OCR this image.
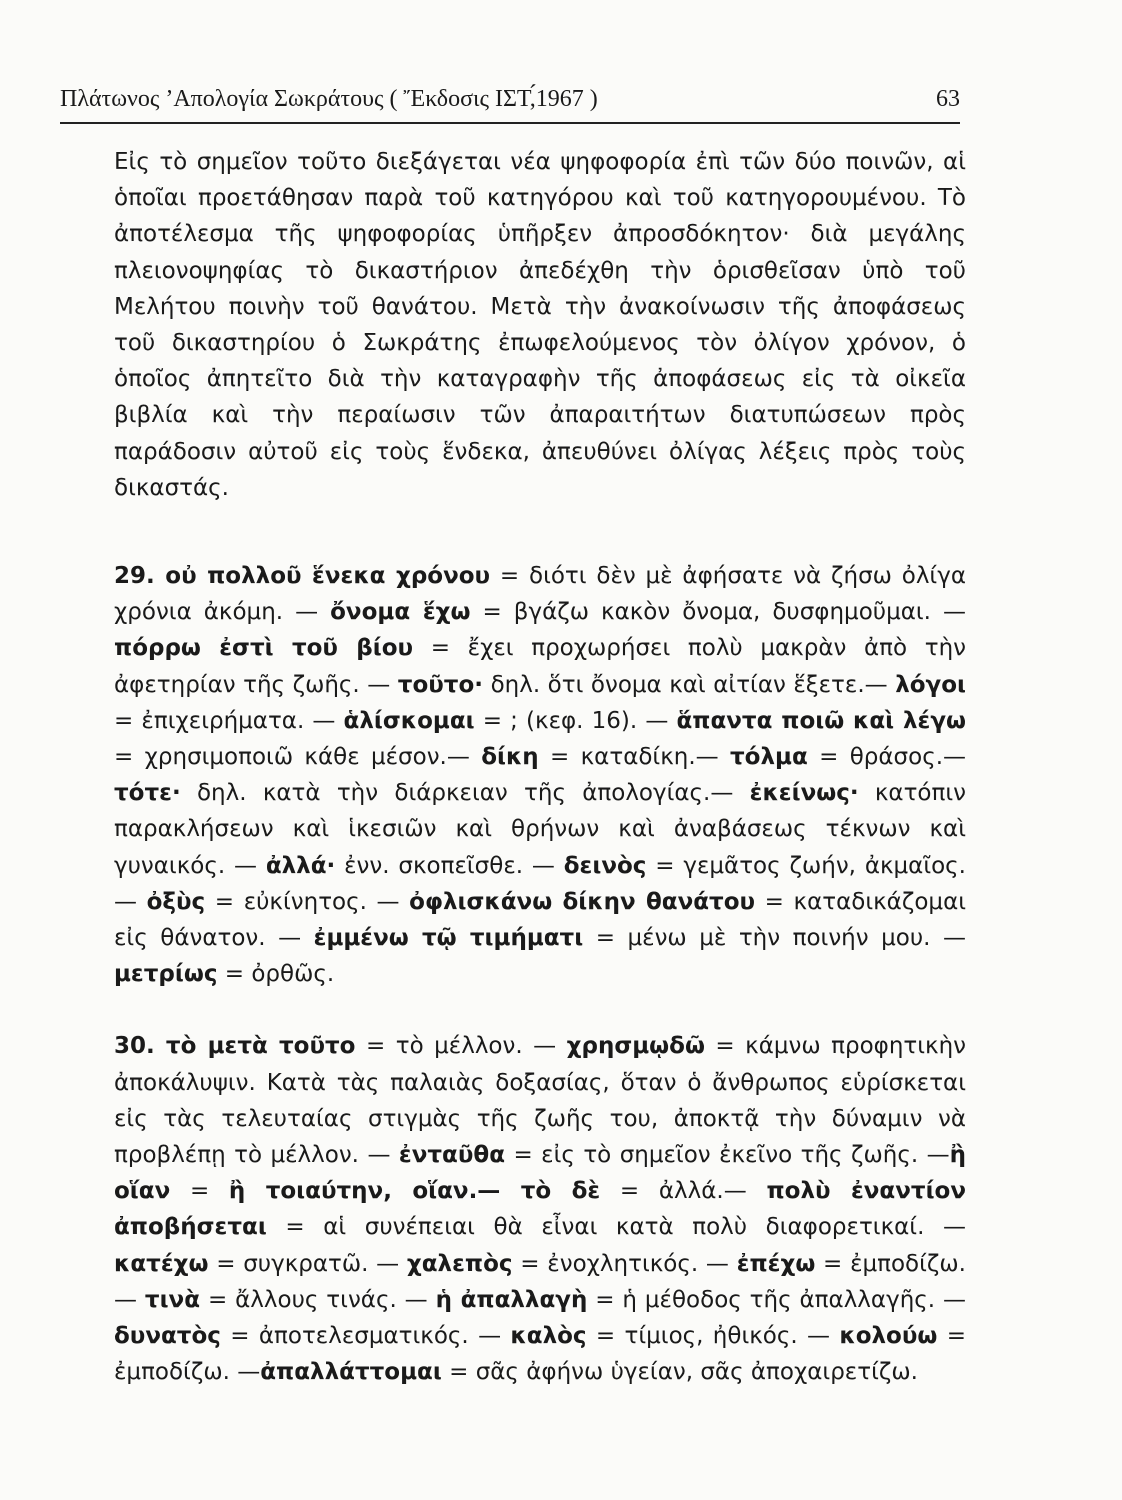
Πλάτωνος ’Απολογία Σωκράτους ( Ἔκδοσις ΙΣΤ,́1967 )	63

Εἰς τὸ σημεῖον τοῦτο διεξάγεται νέα ψηφοφορία ἐπὶ τῶν δύο ποινῶν, αἱ ὁποῖαι προετάθησαν παρὰ τοῦ κατηγόρου καὶ τοῦ κατηγορουμένου. Τὸ ἀποτέλεσμα τῆς ψηφοφορίας ὑπῆρξεν ἀπροσδόκητον· διὰ μεγάλης πλειονοψηφίας τὸ δικαστήριον ἀπεδέχθη τὴν ὁρισθεῖσαν ὑπὸ τοῦ Μελήτου ποινὴν τοῦ θανάτου. Μετὰ τὴν ἀνακοίνωσιν τῆς ἀποφάσεως τοῦ δικαστηρίου ὁ Σωκράτης ἐπωφελούμενος τὸν ὀλίγον χρόνον, ὁ ὁποῖος ἀπητεῖτο διὰ τὴν καταγραφὴν τῆς ἀποφάσεως εἰς τὰ οἰκεῖα βιβλία καὶ τὴν περαίωσιν τῶν ἀπαραιτήτων διατυπώσεων πρὸς παράδοσιν αὐτοῦ εἰς τοὺς ἕνδεκα, ἀπευθύνει ὀλίγας λέξεις πρὸς τοὺς δικαστάς.

29. οὐ πολλοῦ ἕνεκα χρόνου = διότι δὲν μὲ ἀφήσατε νὰ ζήσω ὀλίγα χρόνια ἀκόμη. — ὄνομα ἕχω = βγάζω κακὸν ὄνομα, δυσφημοῦμαι. — πόρρω ἐστὶ τοῦ βίου = ἔχει προχωρήσει πολὺ μακρὰν ἀπὸ τὴν ἀφετηρίαν τῆς ζωῆς. — τοῦτο· δηλ. ὅτι ὄνομα καὶ αἰτίαν ἕξετε.— λόγοι = ἐπιχειρήματα. — ἁλίσκομαι = ; (κεφ. 16). — ἅπαντα ποιῶ καὶ λέγω = χρησιμοποιῶ κάθε μέσον.— δίκη = καταδίκη.— τόλμα = θράσος.— τότε· δηλ. κατὰ τὴν διάρκειαν τῆς ἀπολογίας.— ἐκείνως· κατόπιν παρακλήσεων καὶ ἱκεσιῶν καὶ θρήνων καὶ ἀναβάσεως τέκνων καὶ γυναικός. — ἀλλά· ἐνν. σκοπεῖσθε. — δεινὸς = γεμᾶτος ζωήν, ἀκμαῖος. — ὀξὺς = εὐκίνητος. — ὀφλισκάνω δίκην θανάτου = καταδικάζομαι εἰς θάνατον. — ἐμμένω τῷ τιμήματι = μένω μὲ τὴν ποινήν μου. — μετρίως = ὀρθῶς.

30. τὸ μετὰ τοῦτο = τὸ μέλλον. — χρησμῳδῶ = κάμνω προφητικὴν ἀποκάλυψιν. Κατὰ τὰς παλαιὰς δοξασίας, ὅταν ὁ ἄνθρωπος εὑρίσκεται εἰς τὰς τελευταίας στιγμὰς τῆς ζωῆς του, ἀποκτᾷ τὴν δύναμιν νὰ προβλέπῃ τὸ μέλλον. — ἐνταῦθα = εἰς τὸ σημεῖον ἐκεῖνο τῆς ζωῆς. —ἢ οἵαν = ἢ τοιαύτην, οἵαν.— τὸ δὲ = ἀλλά.— πολὺ ἐναντίον ἀποβήσεται = αἱ συνέπειαι θὰ εἶναι κατὰ πολὺ διαφορετικαί. — κατέχω = συγκρατῶ. — χαλεπὸς = ἐνοχλητικός. — ἐπέχω = ἐμποδίζω. — τινὰ = ἄλλους τινάς. — ἡ ἀπαλλαγὴ = ἡ μέθοδος τῆς ἀπαλλαγῆς. — δυνατὸς = ἀποτελεσματικός. — καλὸς = τίμιος, ἠθικός. — κολούω = ἐμποδίζω. —ἀπαλλάττομαι = σᾶς ἀφήνω ὑγείαν, σᾶς ἀποχαιρετίζω.
